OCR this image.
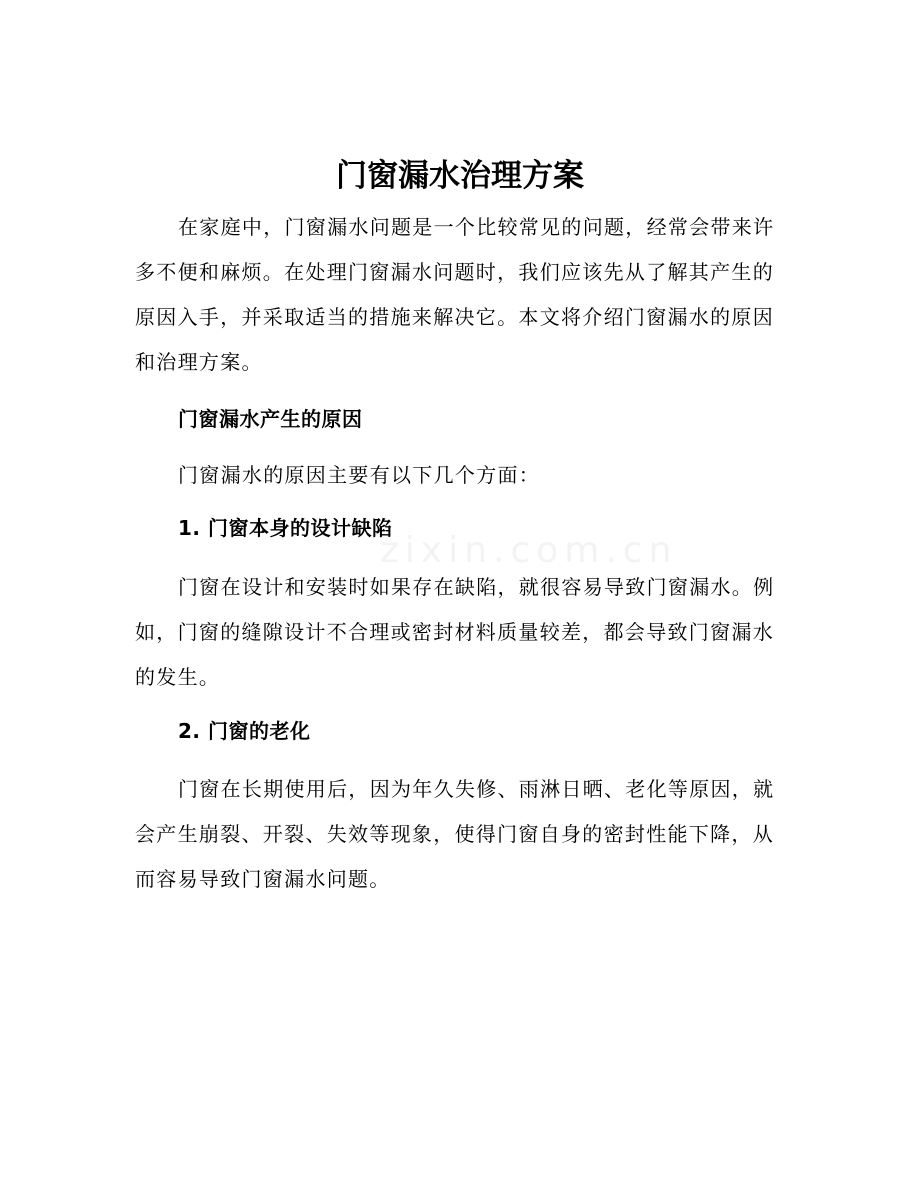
zixin.com.cn
门窗漏水治理方案
在家庭中，门窗漏水问题是一个比较常见的问题，经常会带来许多不便和麻烦。在处理门窗漏水问题时，我们应该先从了解其产生的原因入手，并采取适当的措施来解决它。本文将介绍门窗漏水的原因和治理方案。
门窗漏水产生的原因
门窗漏水的原因主要有以下几个方面：
1. 门窗本身的设计缺陷
门窗在设计和安装时如果存在缺陷，就很容易导致门窗漏水。例如，门窗的缝隙设计不合理或密封材料质量较差，都会导致门窗漏水的发生。
2. 门窗的老化
门窗在长期使用后，因为年久失修、雨淋日晒、老化等原因，就会产生崩裂、开裂、失效等现象，使得门窗自身的密封性能下降，从而容易导致门窗漏水问题。
